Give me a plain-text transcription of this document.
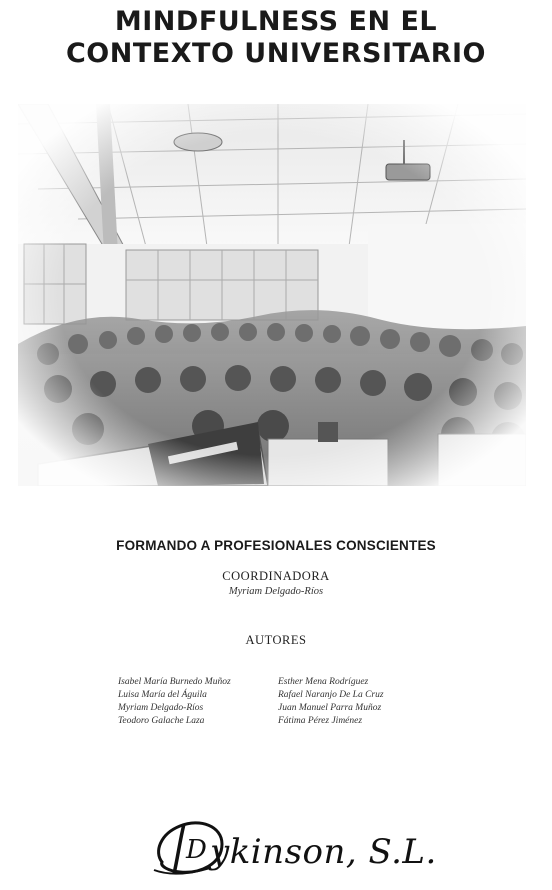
MINDFULNESS EN EL
CONTEXTO UNIVERSITARIO
FORMANDO A PROFESIONALES CONSCIENTES
COORDINADORA
Myriam Delgado-Ríos
AUTORES
Isabel María Burnedo Muñoz
Luisa María del Águila
Myriam Delgado-Ríos
Teodoro Galache Laza
Esther Mena Rodríguez
Rafael Naranjo De La Cruz
Juan Manuel Parra Muñoz
Fátima Pérez Jiménez
D ykinson, S.L.
